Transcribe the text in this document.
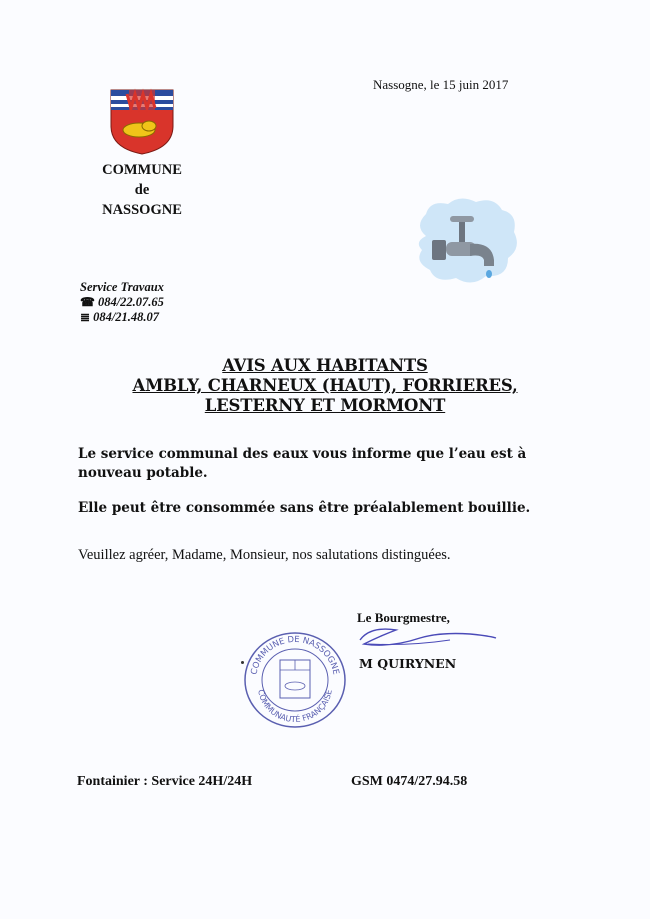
Nassogne, le 15 juin 2017
COMMUNE
de
NASSOGNE
Service Travaux
☎ 084/22.07.65
≣ 084/21.48.07
AVIS AUX HABITANTS
AMBLY, CHARNEUX (HAUT), FORRIERES,
LESTERNY ET MORMONT
Le service communal des eaux vous informe que l’eau est à nouveau potable.
Elle peut être consommée sans être préalablement bouillie.
Veuillez agréer, Madame, Monsieur, nos salutations distinguées.
Le Bourgmestre,
M QUIRYNEN
COMMUNE DE NASSOGNE
COMMUNAUTÉ FRANÇAISE
Fontainier : Service 24H/24H	GSM 0474/27.94.58
